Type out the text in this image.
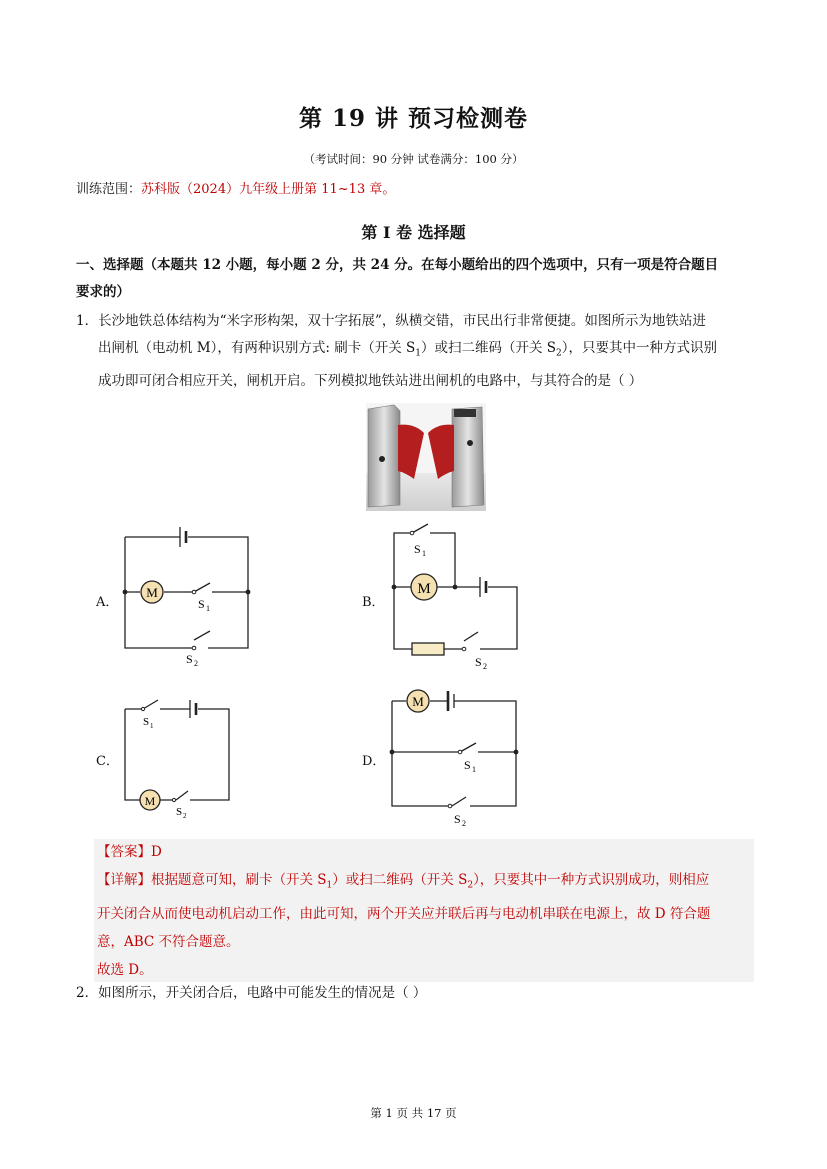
第 19 讲 预习检测卷
（考试时间：90 分钟 试卷满分：100 分）
训练范围：苏科版（2024）九年级上册第 11~13 章。
第 I 卷 选择题
一、选择题（本题共 12 小题，每小题 2 分，共 24 分。在每小题给出的四个选项中，只有一项是符合题目
要求的）
1．长沙地铁总体结构为“米字形构架，双十字拓展”，纵横交错，市民出行非常便捷。如图所示为地铁站进
出闸机（电动机 M），有两种识别方式: 刷卡（开关 $S_1$）或扫二维码（开关 $S_2$），只要其中一种方式识别
成功即可闭合相应开关，闸机开启。下列模拟地铁站进出闸机的电路中，与其符合的是（ ）
A．
M
S 1
S 2
B．
M
S 1
S 2
C．
M
S 1
S 2
D．
M
S 1
S 2
【答案】D
【详解】根据题意可知，刷卡（开关 $S_1$）或扫二维码（开关 $S_2$），只要其中一种方式识别成功，则相应
开关闭合从而使电动机启动工作，由此可知，两个开关应并联后再与电动机串联在电源上，故 D 符合题
意，ABC 不符合题意。
故选 D。
2．如图所示，开关闭合后，电路中可能发生的情况是（ ）
第 1 页 共 17 页
